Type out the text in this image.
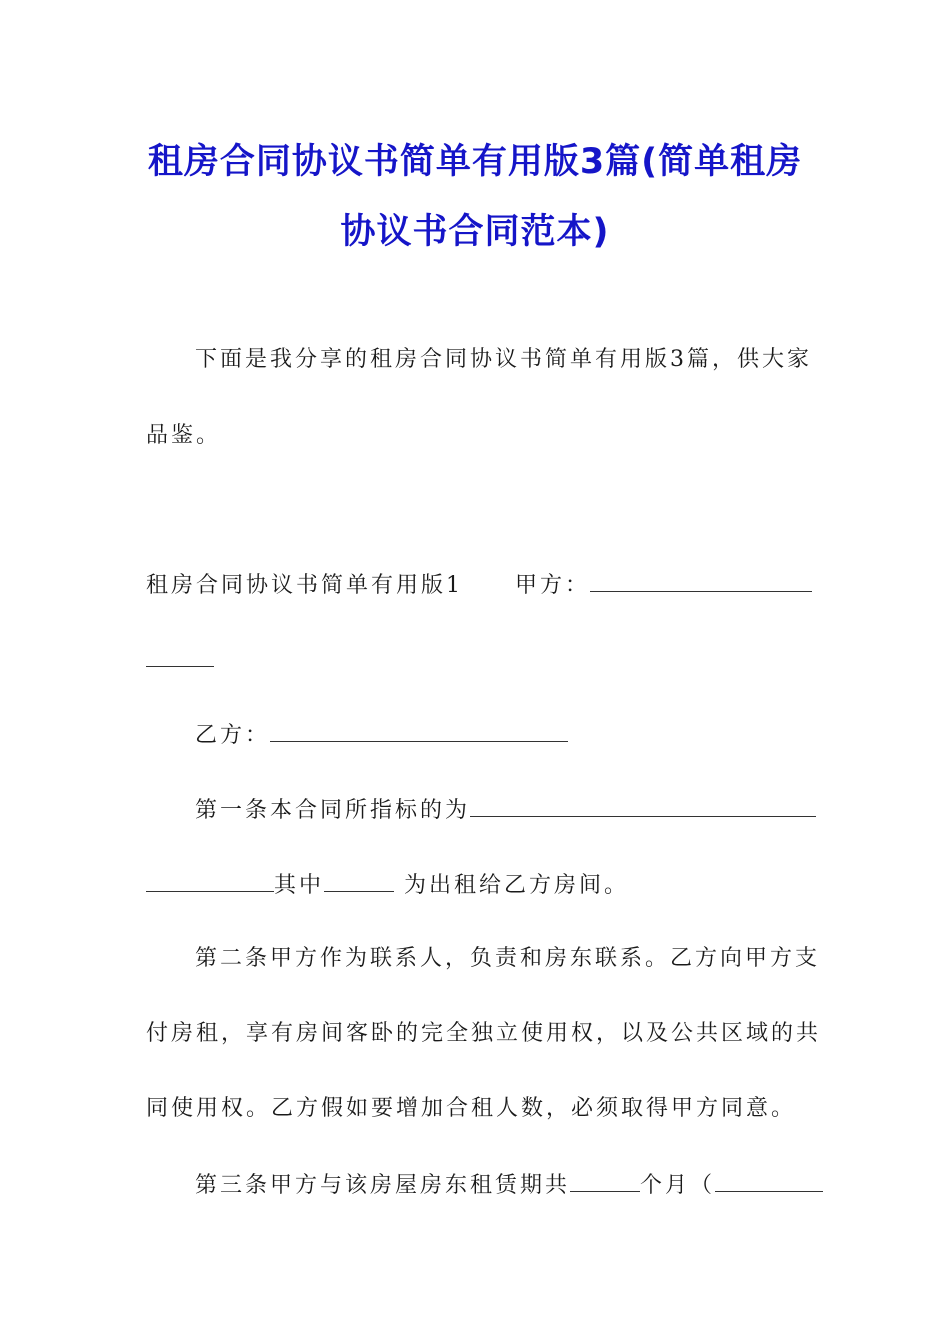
租房合同协议书简单有用版3篇(简单租房
协议书合同范本)
下面是我分享的租房合同协议书简单有用版3篇，供大家
品鉴。
租房合同协议书简单有用版1 甲方：
乙方：
第一条本合同所指标的为
其中	为出租给乙方房间。
第二条甲方作为联系人，负责和房东联系。乙方向甲方支
付房租，享有房间客卧的完全独立使用权，以及公共区域的共
同使用权。乙方假如要增加合租人数，必须取得甲方同意。
第三条甲方与该房屋房东租赁期共	个月（
